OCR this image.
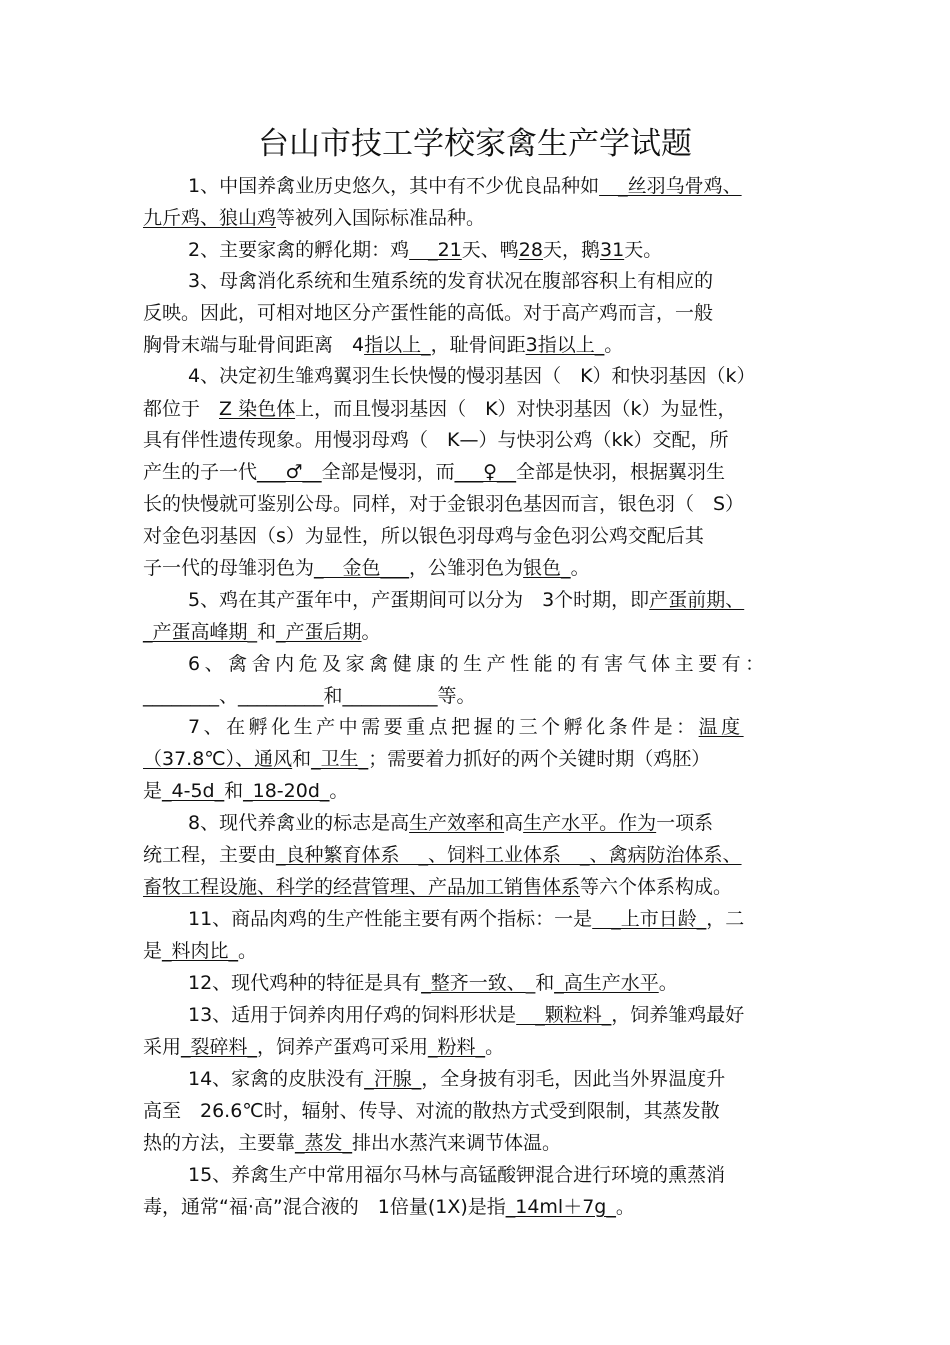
台山市技工学校家禽生产学试题
1、中国养禽业历史悠久，其中有不少优良品种如　_丝羽乌骨鸡、
九斤鸡、狼山鸡等被列入国际标准品种。
2、主要家禽的孵化期：鸡　_21天、鸭28天，鹅31天。
3、母禽消化系统和生殖系统的发育状况在腹部容积上有相应的
反映。因此，可相对地区分产蛋性能的高低。对于高产鸡而言，一般
胸骨末端与耻骨间距离　4指以上_，耻骨间距3指以上_。
4、决定初生雏鸡翼羽生长快慢的慢羽基因（　K）和快羽基因（k）
都位于　Z 染色体上，而且慢羽基因（　K）对快羽基因（k）为显性，
具有伴性遗传现象。用慢羽母鸡（　K—）与快羽公鸡（kk）交配，所
产生的子一代___♂__全部是慢羽，而___♀__全部是快羽，根据翼羽生
长的快慢就可鉴别公母。同样，对于金银羽色基因而言，银色羽（　S）
对金色羽基因（s）为显性，所以银色羽母鸡与金色羽公鸡交配后其
子一代的母雏羽色为_　金色___，公雏羽色为银色_。
5、鸡在其产蛋年中，产蛋期间可以分为　3个时期，即产蛋前期、
_产蛋高峰期_和_产蛋后期。
6、禽舍内危及家禽健康的生产性能的有害气体主要有：
________、_________和__________等。
7、在孵化生产中需要重点把握的三个孵化条件是：温度
（37.8℃）、通风和_卫生_；需要着力抓好的两个关键时期（鸡胚）
是_4-5d_和_18-20d_。
8、现代养禽业的标志是高生产效率和高生产水平。作为一项系
统工程，主要由_良种繁育体系　_、饲料工业体系　_、禽病防治体系、
畜牧工程设施、科学的经营管理、产品加工销售体系等六个体系构成。
11、商品肉鸡的生产性能主要有两个指标：一是　_上市日龄_，二
是_料肉比_。
12、现代鸡种的特征是具有_整齐一致、_和_高生产水平。
13、适用于饲养肉用仔鸡的饲料形状是　_颗粒料_，饲养雏鸡最好
采用_裂碎料_，饲养产蛋鸡可采用_粉料_。
14、家禽的皮肤没有_汗腺_，全身披有羽毛，因此当外界温度升
高至　26.6℃时，辐射、传导、对流的散热方式受到限制，其蒸发散
热的方法，主要靠_蒸发_排出水蒸汽来调节体温。
15、养禽生产中常用福尔马林与高锰酸钾混合进行环境的熏蒸消
毒，通常“福·高”混合液的　1倍量(1X)是指_14ml＋7g_。
